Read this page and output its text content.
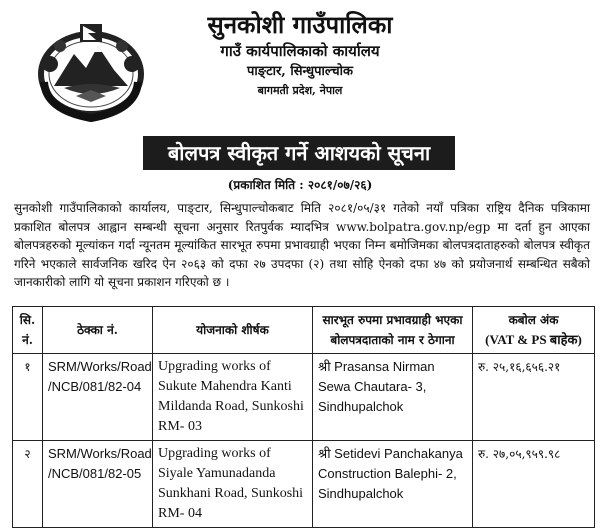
सुनकोशी गाउँपालिका
गाउँ कार्यपालिकाको कार्यालय
पाङ्टार, सिन्धुपाल्चोक
बागमती प्रदेश, नेपाल
बोलपत्र स्वीकृत गर्ने आशयको सूचना
(प्रकाशित मिति : २०८१/०७/२६)
सुनकोशी गाउँपालिकाको कार्यालय, पाङ्टार, सिन्धुपाल्चोकबाट मिति २०८१/०५/३१ गतेको नयाँ पत्रिका राष्ट्रिय दैनिक पत्रिकामा प्रकाशित बोलपत्र आह्वान सम्बन्धी सूचना अनुसार रितपुर्वक म्यादभित्र www.bolpatra.gov.np/egp मा दर्ता हुन आएका बोलपत्रहरुको मूल्यांकन गर्दा न्यूनतम मूल्यांकित सारभूत रुपमा प्रभावग्राही भएका निम्न बमोजिमका बोलपत्रदाताहरुको बोलपत्र स्वीकृत गरिने भएकाले सार्वजनिक खरिद ऐन २०६३ को दफा २७ उपदफा (२) तथा सोहि ऐनको दफा ४७ को प्रयोजनार्थ सम्बन्धित सबैको जानकारीको लागि यो सूचना प्रकाशन गरिएको छ ।
सि. नं.	ठेक्का नं.	योजनाको शीर्षक	सारभूत रुपमा प्रभावग्राही भएका बोलपत्रदाताको नाम र ठेगाना	कबोल अंक
(VAT & PS बाहेक)

१	SRM/Works/Road /NCB/081/82-04	Upgrading works of Sukute Mahendra Kanti Mildanda Road, Sunkoshi RM- 03	श्री Prasansa Nirman Sewa Chautara- 3, Sindhupalchok	रु. २५,१६,६५६.२१
२	SRM/Works/Road /NCB/081/82-05	Upgrading works of Siyale Yamunadanda Sunkhani Road, Sunkoshi RM- 04	श्री Setidevi Panchakanya Construction Balephi- 2, Sindhupalchok	रु. २७,०५,९५९.९८
